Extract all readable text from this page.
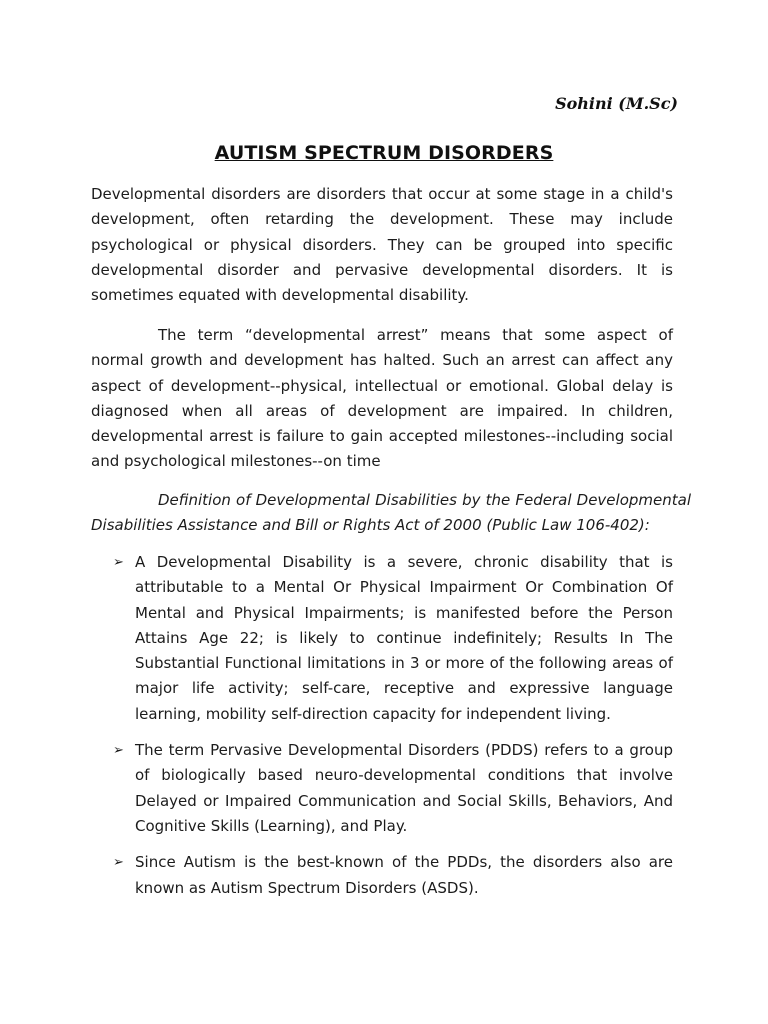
Sohini (M.Sc)
AUTISM SPECTRUM DISORDERS
Developmental disorders are disorders that occur at some stage in a child's development, often retarding the development. These may include psychological or physical disorders. They can be grouped into specific developmental disorder and pervasive developmental disorders. It is sometimes equated with developmental disability.
The term “developmental arrest” means that some aspect of normal growth and development has halted. Such an arrest can affect any aspect of development--physical, intellectual or emotional. Global delay is diagnosed when all areas of development are impaired. In children, developmental arrest is failure to gain accepted milestones--including social and psychological milestones--on time
Definition of Developmental Disabilities by the Federal Developmental Disabilities Assistance and Bill or Rights Act of 2000 (Public Law 106-402):
➢ A Developmental Disability is a severe, chronic disability that is attributable to a Mental Or Physical Impairment Or Combination Of Mental and Physical Impairments; is manifested before the Person Attains Age 22; is likely to continue indefinitely; Results In The Substantial Functional limitations in 3 or more of the following areas of major life activity; self-care, receptive and expressive language learning, mobility self-direction capacity for independent living.
➢ The term Pervasive Developmental Disorders (PDDS) refers to a group of biologically based neuro-developmental conditions that involve Delayed or Impaired Communication and Social Skills, Behaviors, And Cognitive Skills (Learning), and Play.
➢ Since Autism is the best-known of the PDDs, the disorders also are known as Autism Spectrum Disorders (ASDS).
